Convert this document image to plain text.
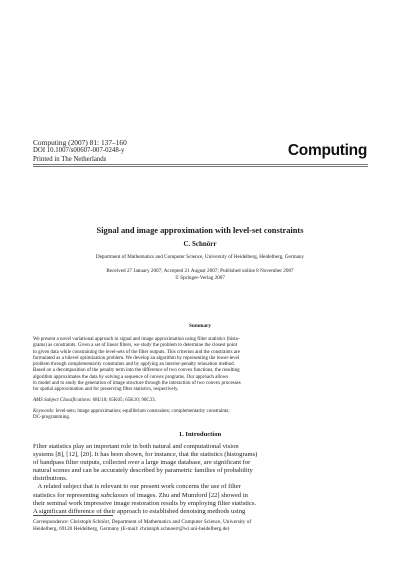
Computing (2007) 81: 137–160
DOI 10.1007/s00607-007-0248-y
Printed in The Netherlands
Computing
Signal and image approximation with level-set constraints
C. Schnörr
Department of Mathematics and Computer Science, University of Heidelberg, Heidelberg, Germany
Received 27 January 2007; Accepted 21 August 2007; Published online 8 November 2007
© Springer-Verlag 2007
Summary
We present a novel variational approach to signal and image approximation using filter statistics (histo-
grams) as constraints. Given a set of linear filters, we study the problem to determine the closest point
to given data while constraining the level-sets of the filter outputs. This criterion and the constraints are
formulated as a bilevel optimization problem. We develop an algorithm by representing the lower-level
problem through complementarity constraints and by applying an interior-penalty relaxation method.
Based on a decomposition of the penalty term into the difference of two convex functions, the resulting
algorithm approximates the data by solving a sequence of convex programs. Our approach allows
to model and to study the generation of image structure through the interaction of two convex processes
for spatial approximation and for preserving filter statistics, respectively.
AMS Subject Classifications: 68U10; 65K05; 65K10; 90C33.
Keywords: level-sets; image approximation; equilibrium constraints; complementarity constraints;
DC-programming.
1. Introduction
Filter statistics play an important role in both natural and computational vision
systems [8], [12], [20]. It has been shown, for instance, that the statistics (histograms)
of bandpass filter outputs, collected over a large image database, are significant for
natural scenes and can be accurately described by parametric families of probability
distributions.
A related subject that is relevant to our present work concerns the use of filter
statistics for representing subclasses of images. Zhu and Mumford [22] showed in
their seminal work impressive image restoration results by employing filter statistics.
A significant difference of their approach to established denoising methods using
Correspondence: Christoph Schnörr, Department of Mathematics and Computer Science, University of
Heidelberg, 69120 Heidelberg, Germany (E-mail: christoph.schnoerr@wi.uni-heidelberg.de)
